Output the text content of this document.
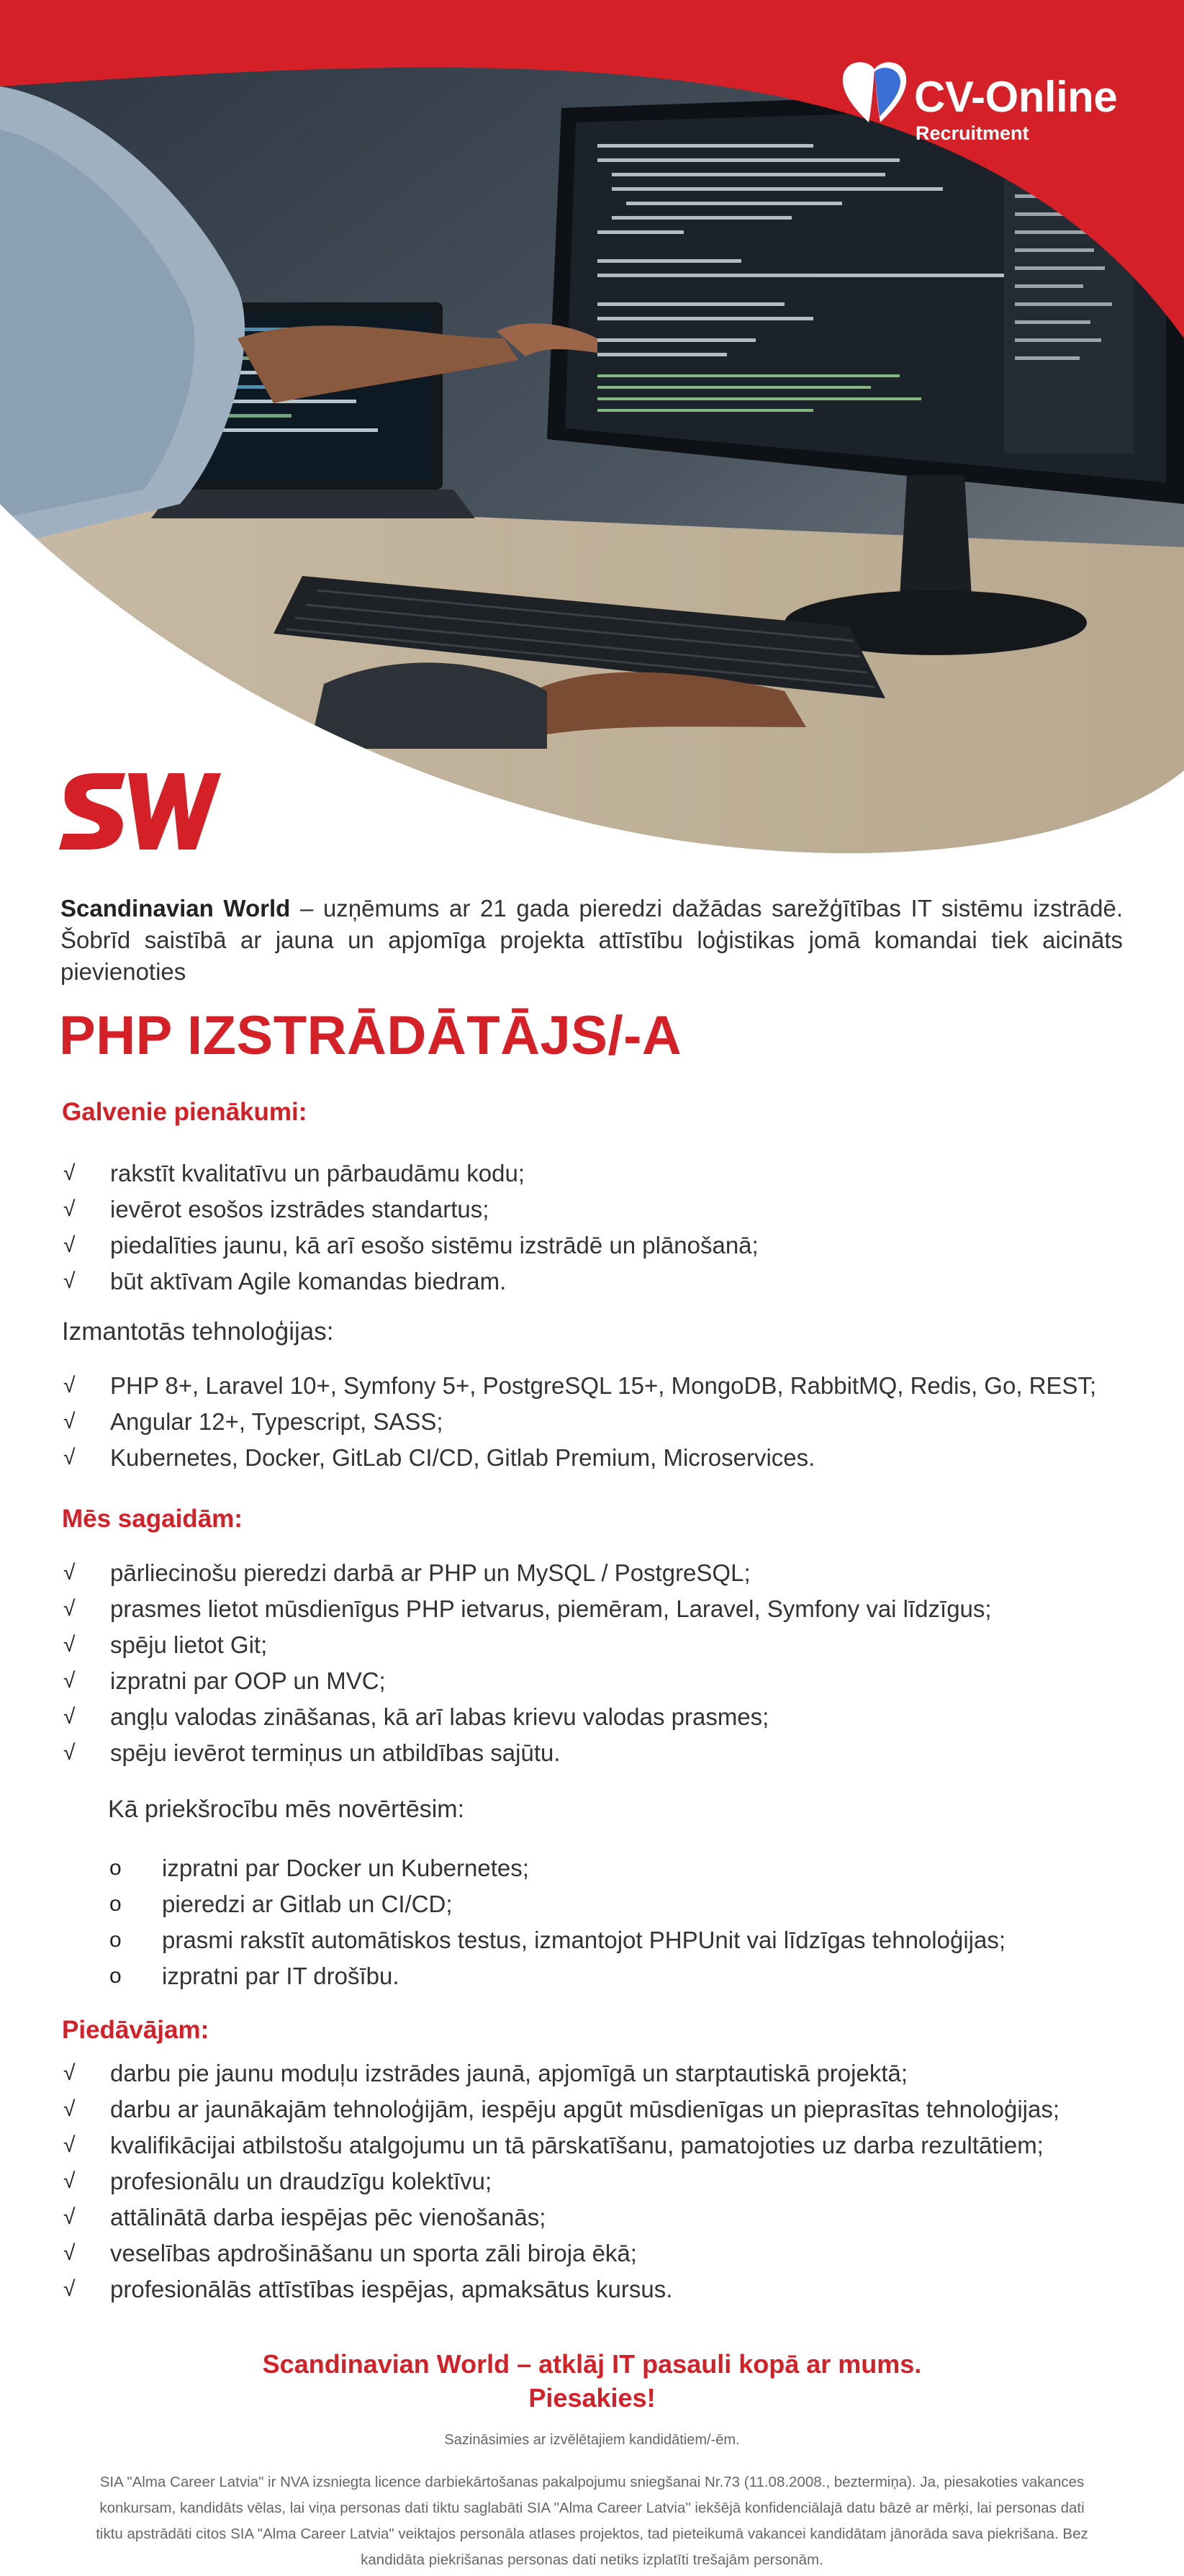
CV-Online
Recruitment
Scandinavian World – uzņēmums ar 21 gada pieredzi dažādas sarežģītības IT sistēmu izstrādē. Šobrīd saistībā ar jauna un apjomīga projekta attīstību loģistikas jomā komandai tiek aicināts pievienoties
PHP IZSTRĀDĀTĀJS/-A
Galvenie pienākumi:
√ rakstīt kvalitatīvu un pārbaudāmu kodu;
√ ievērot esošos izstrādes standartus;
√ piedalīties jaunu, kā arī esošo sistēmu izstrādē un plānošanā;
√ būt aktīvam Agile komandas biedram.
Izmantotās tehnoloģijas:
√ PHP 8+, Laravel 10+, Symfony 5+, PostgreSQL 15+, MongoDB, RabbitMQ, Redis, Go, REST;
√ Angular 12+, Typescript, SASS;
√ Kubernetes, Docker, GitLab CI/CD, Gitlab Premium, Microservices.
Mēs sagaidām:
√ pārliecinošu pieredzi darbā ar PHP un MySQL / PostgreSQL;
√ prasmes lietot mūsdienīgus PHP ietvarus, piemēram, Laravel, Symfony vai līdzīgus;
√ spēju lietot Git;
√ izpratni par OOP un MVC;
√ angļu valodas zināšanas, kā arī labas krievu valodas prasmes;
√ spēju ievērot termiņus un atbildības sajūtu.
Kā priekšrocību mēs novērtēsim:
o izpratni par Docker un Kubernetes;
o pieredzi ar Gitlab un CI/CD;
o prasmi rakstīt automātiskos testus, izmantojot PHPUnit vai līdzīgas tehnoloģijas;
o izpratni par IT drošību.
Piedāvājam:
√ darbu pie jaunu moduļu izstrādes jaunā, apjomīgā un starptautiskā projektā;
√ darbu ar jaunākajām tehnoloģijām, iespēju apgūt mūsdienīgas un pieprasītas tehnoloģijas;
√ kvalifikācijai atbilstošu atalgojumu un tā pārskatīšanu, pamatojoties uz darba rezultātiem;
√ profesionālu un draudzīgu kolektīvu;
√ attālinātā darba iespējas pēc vienošanās;
√ veselības apdrošināšanu un sporta zāli biroja ēkā;
√ profesionālās attīstības iespējas, apmaksātus kursus.
Scandinavian World – atklāj IT pasauli kopā ar mums.
Piesakies!
Sazināsimies ar izvēlētajiem kandidātiem/-ēm.
SIA "Alma Career Latvia" ir NVA izsniegta licence darbiekārtošanas pakalpojumu sniegšanai Nr.73 (11.08.2008., beztermiņa). Ja, piesakoties vakances konkursam, kandidāts vēlas, lai viņa personas dati tiktu saglabāti SIA "Alma Career Latvia" iekšējā konfidenciālajā datu bāzē ar mērķi, lai personas dati tiktu apstrādāti citos SIA "Alma Career Latvia" veiktajos personāla atlases projektos, tad pieteikumā vakancei kandidātam jānorāda sava piekrišana. Bez kandidāta piekrišanas personas dati netiks izplatīti trešajām personām.
